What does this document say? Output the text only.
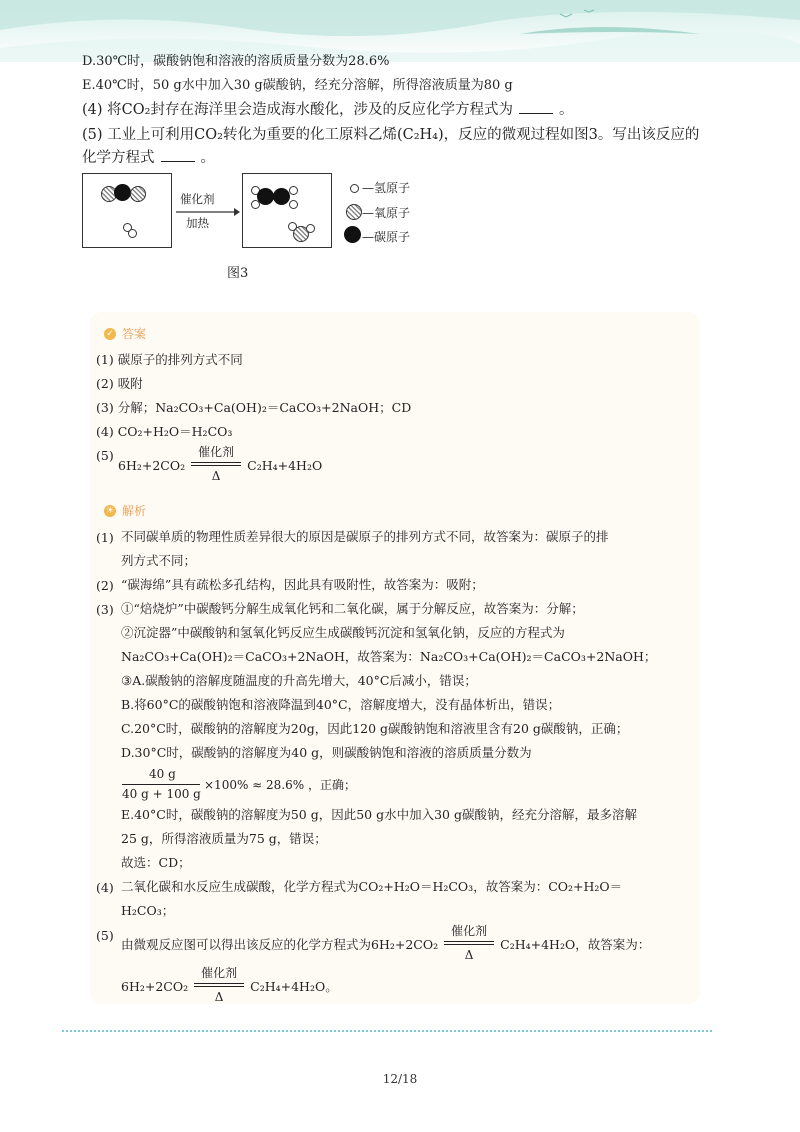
D.30℃时，碳酸钠饱和溶液的溶质质量分数为28.6%
E.40℃时，50 g水中加入30 g碳酸钠，经充分溶解，所得溶液质量为80 g
(4) 将CO₂封存在海洋里会造成海水酸化，涉及的反应化学方程式为	。
(5) 工业上可利用CO₂转化为重要的化工原料乙烯(C₂H₄)，反应的微观过程如图3。写出该反应的
化学方程式	。
催化剂
加热
—氢原子
—氧原子
—碳原子
图3
✓ 答案
(1) 碳原子的排列方式不同
(2) 吸附
(3) 分解；Na₂CO₃+Ca(OH)₂＝CaCO₃+2NaOH；CD
(4) CO₂+H₂O＝H₂CO₃
(5)
6H₂+2CO₂
催化剂
Δ
C₂H₄+4H₂O
☀ 解析
(1) 不同碳单质的物理性质差异很大的原因是碳原子的排列方式不同，故答案为：碳原子的排
列方式不同；
(2) “碳海绵”具有疏松多孔结构，因此具有吸附性，故答案为：吸附；
(3) ①“焙烧炉”中碳酸钙分解生成氧化钙和二氧化碳，属于分解反应，故答案为：分解；
②沉淀器”中碳酸钠和氢氧化钙反应生成碳酸钙沉淀和氢氧化钠，反应的方程式为
Na₂CO₃+Ca(OH)₂＝CaCO₃+2NaOH，故答案为：Na₂CO₃+Ca(OH)₂＝CaCO₃+2NaOH；
③A.碳酸钠的溶解度随温度的升高先增大，40°C后减小，错误；
B.将60°C的碳酸钠饱和溶液降温到40°C，溶解度增大，没有晶体析出，错误；
C.20°C时，碳酸钠的溶解度为20g，因此120 g碳酸钠饱和溶液里含有20 g碳酸钠，正确；
D.30°C时，碳酸钠的溶解度为40 g，则碳酸钠饱和溶液的溶质质量分数为
40 g
40 g + 100 g
×100% ≈ 28.6% ，正确；
E.40°C时，碳酸钠的溶解度为50 g，因此50 g水中加入30 g碳酸钠，经充分溶解，最多溶解
25 g，所得溶液质量为75 g，错误；
故选：CD；
(4) 二氧化碳和水反应生成碳酸，化学方程式为CO₂+H₂O＝H₂CO₃，故答案为：CO₂+H₂O＝
H₂CO₃；
(5)
由微观反应图可以得出该反应的化学方程式为6H₂+2CO₂
催化剂
Δ
C₂H₄+4H₂O，故答案为：
6H₂+2CO₂
催化剂
Δ
C₂H₄+4H₂O。
12/18
